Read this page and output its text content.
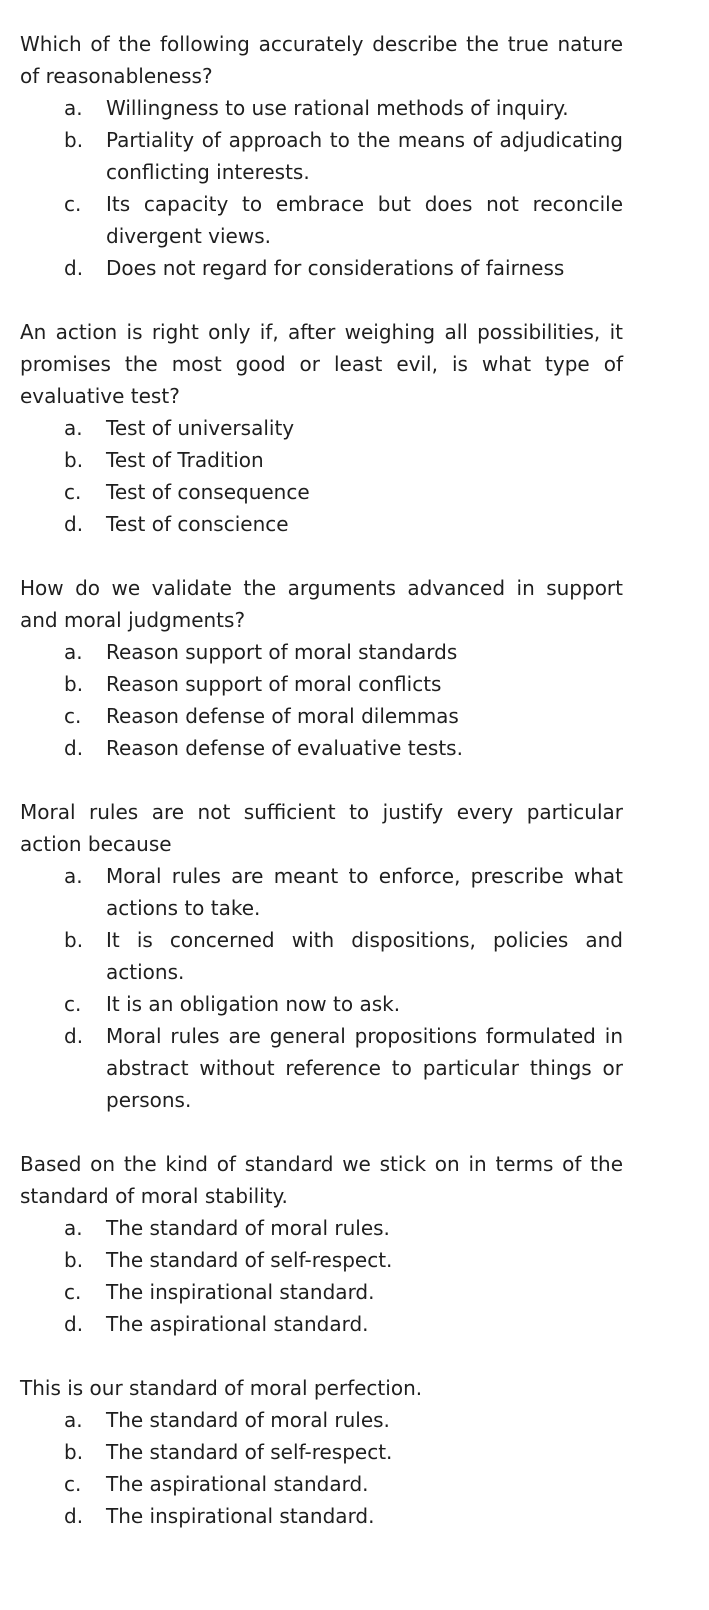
Which of the following accurately describe the true nature of reasonableness?

a.	Willingness to use rational methods of inquiry.
b.	Partiality of approach to the means of adjudicating conflicting interests.
c.	Its capacity to embrace but does not reconcile divergent views.
d.	Does not regard for considerations of fairness

An action is right only if, after weighing all possibilities, it promises the most good or least evil, is what type of evaluative test?

a.	Test of universality
b.	Test of Tradition
c.	Test of consequence
d.	Test of conscience

How do we validate the arguments advanced in support and moral judgments?

a.	Reason support of moral standards
b.	Reason support of moral conflicts
c.	Reason defense of moral dilemmas
d.	Reason defense of evaluative tests.

Moral rules are not sufficient to justify every particular action because

a.	Moral rules are meant to enforce, prescribe what actions to take.
b.	It is concerned with dispositions, policies and actions.
c.	It is an obligation now to ask.
d.	Moral rules are general propositions formulated in abstract without reference to particular things or persons.

Based on the kind of standard we stick on in terms of the standard of moral stability.

a.	The standard of moral rules.
b.	The standard of self-respect.
c.	The inspirational standard.
d.	The aspirational standard.

This is our standard of moral perfection.

a.	The standard of moral rules.
b.	The standard of self-respect.
c.	The aspirational standard.
d.	The inspirational standard.
